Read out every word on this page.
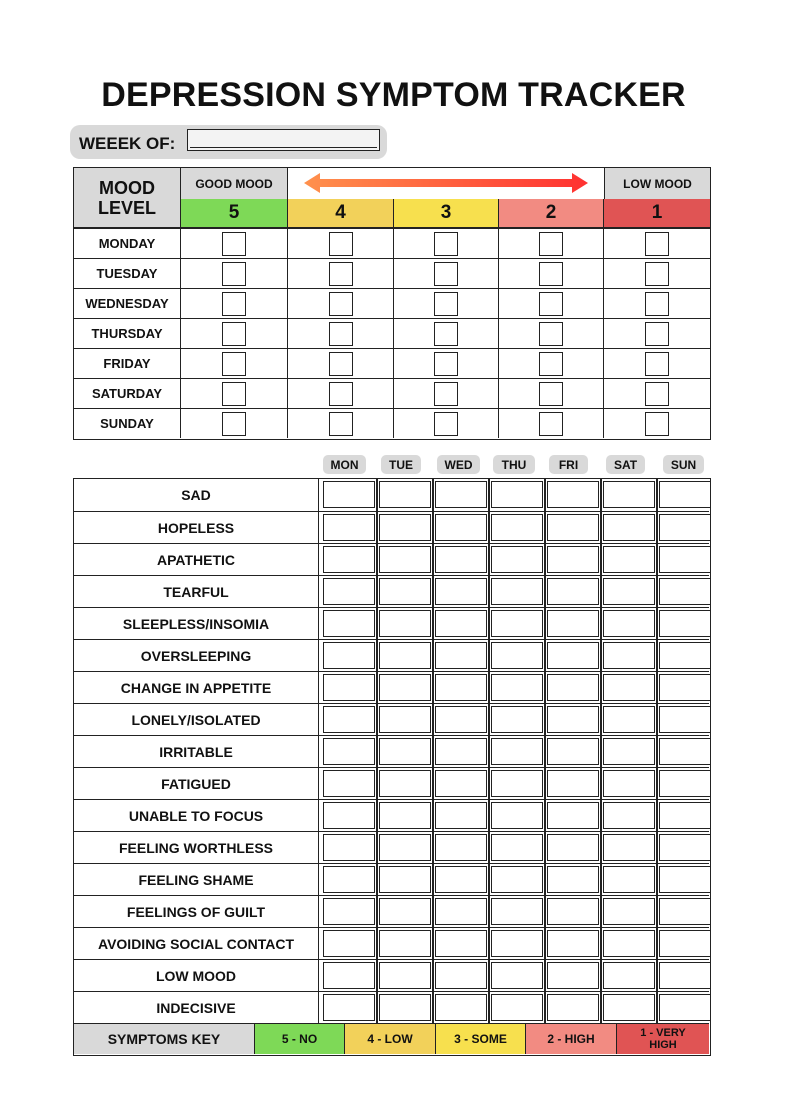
DEPRESSION SYMPTOM TRACKER
WEEEK OF:
MOOD
LEVEL
GOOD MOOD	LOW MOOD
5	4	3	2	1
MONDAY
TUESDAY
WEDNESDAY
THURSDAY
FRIDAY
SATURDAY
SUNDAY
MON	TUE	WED	THU	FRI	SAT	SUN
SAD
HOPELESS
APATHETIC
TEARFUL
SLEEPLESS/INSOMIA
OVERSLEEPING
CHANGE IN APPETITE
LONELY/ISOLATED
IRRITABLE
FATIGUED
UNABLE TO FOCUS
FEELING WORTHLESS
FEELING SHAME
FEELINGS OF GUILT
AVOIDING SOCIAL CONTACT
LOW MOOD
INDECISIVE
SYMPTOMS KEY	5 - NO	4 - LOW	3 - SOME	2 - HIGH	1 - VERY HIGH
